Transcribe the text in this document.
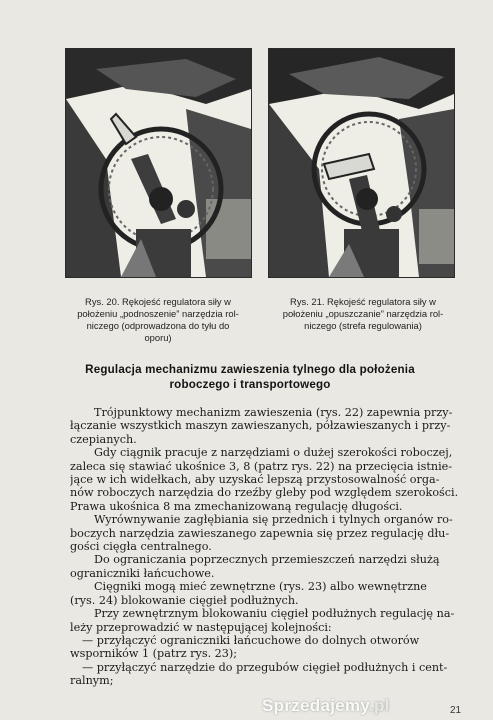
Rys. 20. Rękojeść regulatora siły w
położeniu „podnoszenie” narzędzia rol-
niczego (odprowadzona do tyłu do
oporu)
Rys. 21. Rękojeść regulatora siły w
położeniu „opuszczanie” narzędzia rol-
niczego (strefa regulowania)
Regulacja mechanizmu zawieszenia tylnego dla położenia
roboczego i transportowego
Trójpunktowy mechanizm zawieszenia (rys. 22) zapewnia przy-
łączanie wszystkich maszyn zawieszanych, półzawieszanych i przy-
czepianych.
Gdy ciągnik pracuje z narzędziami o dużej szerokości roboczej,
zaleca się stawiać ukośnice 3, 8 (patrz rys. 22) na przecięcia istnie-
jące w ich widełkach, aby uzyskać lepszą przystosowalność orga-
nów roboczych narzędzia do rzeźby gleby pod względem szerokości.
Prawa ukośnica 8 ma zmechanizowaną regulację długości.
Wyrównywanie zagłębiania się przednich i tylnych organów ro-
boczych narzędzia zawieszanego zapewnia się przez regulację dłu-
gości cięgła centralnego.
Do ograniczania poprzecznych przemieszczeń narzędzi służą
ograniczniki łańcuchowe.
Cięgniki mogą mieć zewnętrzne (rys. 23) albo wewnętrzne
(rys. 24) blokowanie cięgieł podłużnych.
Przy zewnętrznym blokowaniu cięgieł podłużnych regulację na-
leży przeprowadzić w następującej kolejności:
— przyłączyć ograniczniki łańcuchowe do dolnych otworów
wsporników 1 (patrz rys. 23);
— przyłączyć narzędzie do przegubów cięgieł podłużnych i cent-
ralnym;
21
Sprzedajemy.pl
